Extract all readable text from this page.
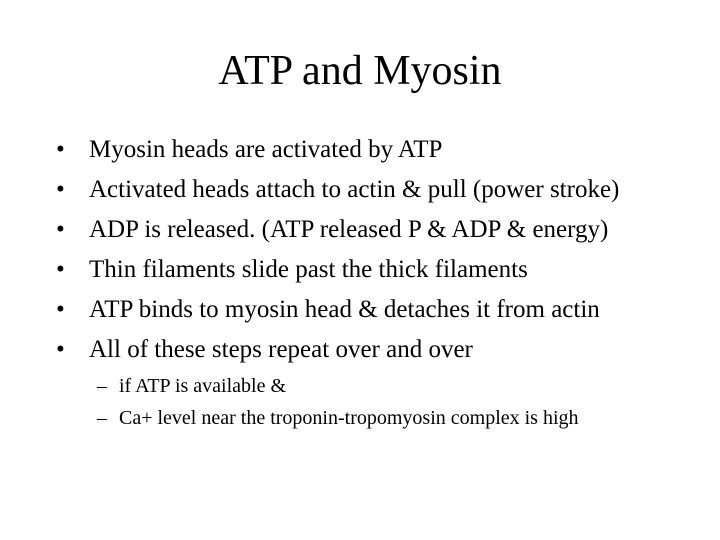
ATP and Myosin
• Myosin heads are activated by ATP
• Activated heads attach to actin & pull (power stroke)
• ADP is released. (ATP released P & ADP & energy)
• Thin filaments slide past the thick filaments
• ATP binds to myosin head & detaches it from actin
• All of these steps repeat over and over
– if ATP is available &
– Ca+ level near the troponin-tropomyosin complex is high
